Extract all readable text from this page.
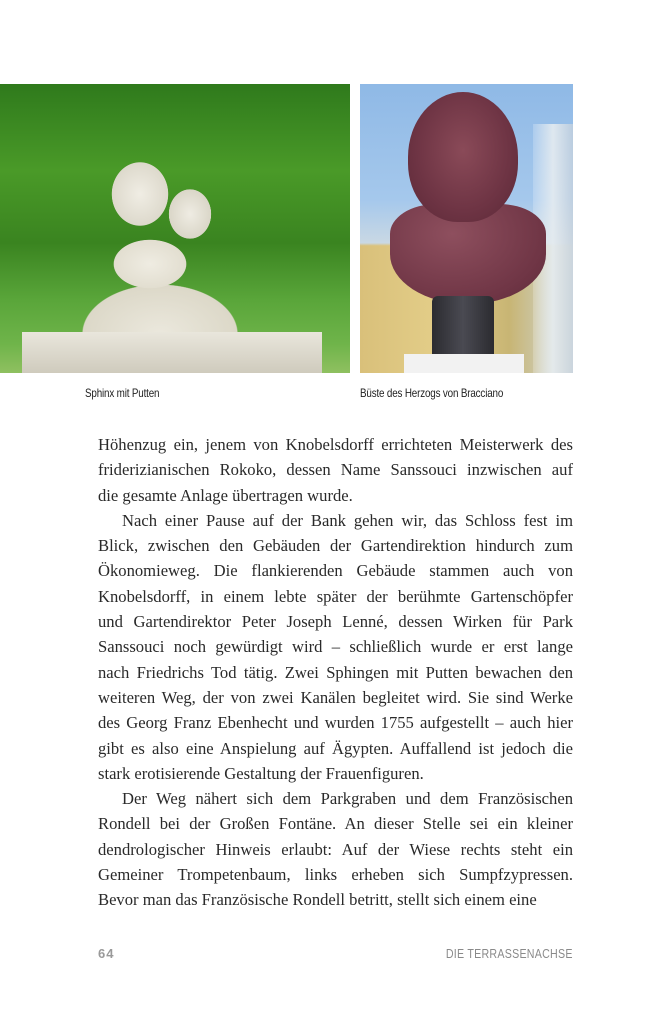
Sphinx mit Putten	Büste des Herzogs von Bracciano
Höhenzug ein, jenem von Knobelsdorff errichteten Meisterwerk des
friderizianischen Rokoko, dessen Name Sanssouci inzwischen auf
die gesamte Anlage übertragen wurde.
Nach einer Pause auf der Bank gehen wir, das Schloss fest im
Blick, zwischen den Gebäuden der Gartendirektion hindurch zum
Ökonomieweg. Die flankierenden Gebäude stammen auch von
Knobelsdorff, in einem lebte später der berühmte Gartenschöpfer
und Gartendirektor Peter Joseph Lenné, dessen Wirken für Park
Sanssouci noch gewürdigt wird – schließlich wurde er erst lange
nach Friedrichs Tod tätig. Zwei Sphingen mit Putten bewachen den
weiteren Weg, der von zwei Kanälen begleitet wird. Sie sind Werke
des Georg Franz Ebenhecht und wurden 1755 aufgestellt – auch hier
gibt es also eine Anspielung auf Ägypten. Auffallend ist jedoch die
stark erotisierende Gestaltung der Frauenfiguren.
Der Weg nähert sich dem Parkgraben und dem Französischen
Rondell bei der Großen Fontäne. An dieser Stelle sei ein kleiner
dendrologischer Hinweis erlaubt: Auf der Wiese rechts steht ein
Gemeiner Trompetenbaum, links erheben sich Sumpfzypressen.
Bevor man das Französische Rondell betritt, stellt sich einem eine
64	DIE TERRASSENACHSE
